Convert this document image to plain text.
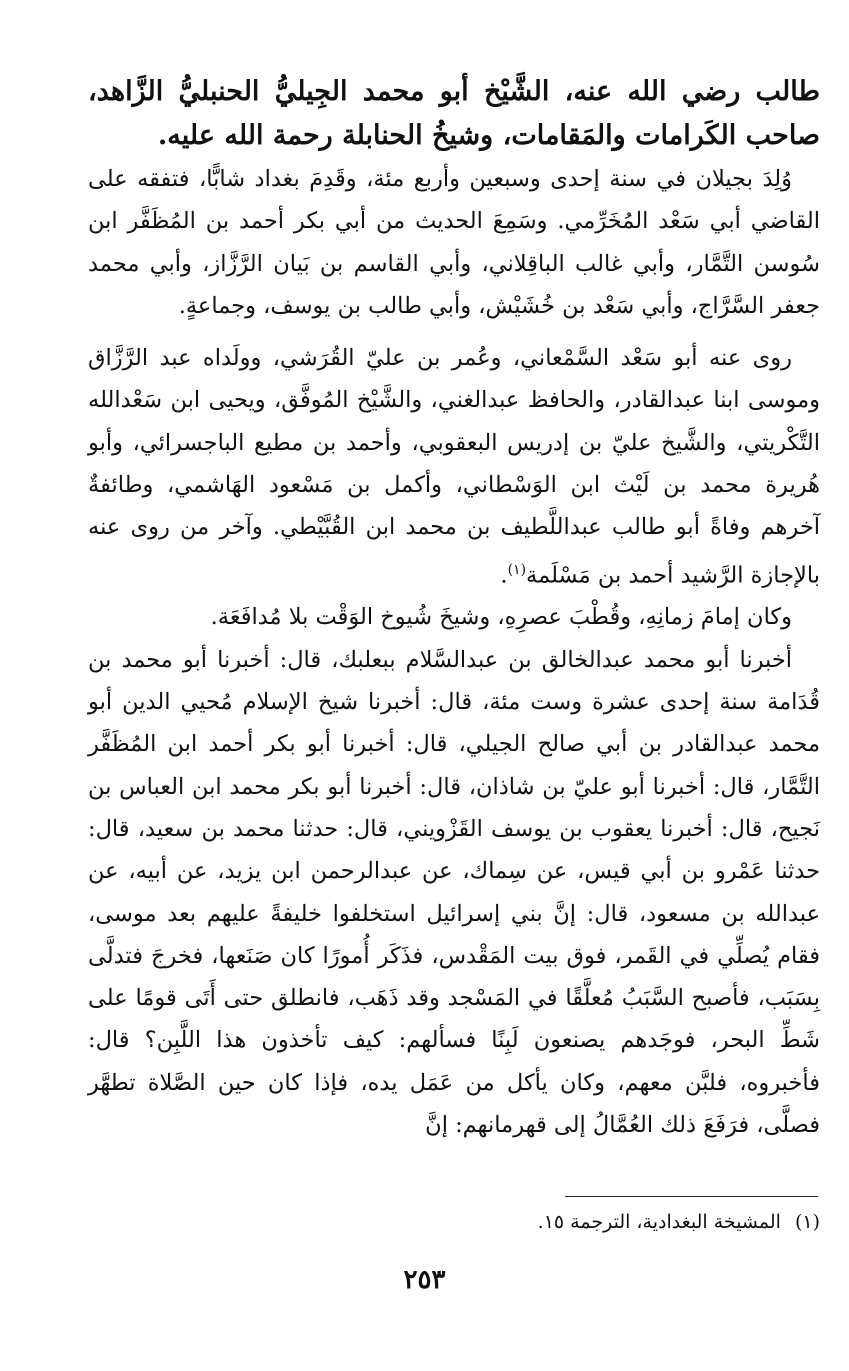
طالب رضي الله عنه، الشَّيْخ أبو محمد الجِيليُّ الحنبليُّ الزَّاهد، صاحب الكَرامات والمَقامات، وشيخُ الحنابلة رحمة الله عليه.

وُلِدَ بجيلان في سنة إحدى وسبعين وأربع مئة، وقَدِمَ بغداد شابًّا، فتفقه على القاضي أبي سَعْد المُخَرِّمي. وسَمِعَ الحديث من أبي بكر أحمد بن المُظَفَّر ابن سُوسن التَّمَّار، وأبي غالب الباقِلاني، وأبي القاسم بن بَيان الرَّزَّاز، وأبي محمد جعفر السَّرَّاج، وأبي سَعْد بن خُشَيْش، وأبي طالب بن يوسف، وجماعةٍ.

روى عنه أبو سَعْد السَّمْعاني، وعُمر بن عليّ القُرَشي، وولَداه عبد الرَّزَّاق وموسى ابنا عبدالقادر، والحافظ عبدالغني، والشَّيْخ المُوفَّق، ويحيى ابن سَعْدالله التَّكْريتي، والشَّيخ عليّ بن إدريس البعقوبي، وأحمد بن مطيع الباجسرائي، وأبو هُريرة محمد بن لَيْث ابن الوَسْطاني، وأكمل بن مَسْعود الهَاشمي، وطائفةٌ آخرهم وفاةً أبو طالب عبداللَّطيف بن محمد ابن القُبَّيْطي. وآخر من روى عنه بالإجازة الرَّشيد أحمد بن مَسْلَمة$^{(١)}$.

وكان إمامَ زمانِهِ، وقُطْبَ عصرِهِ، وشيخَ شُيوخ الوَقْت بلا مُدافَعَة.

أخبرنا أبو محمد عبدالخالق بن عبدالسَّلام ببعلبك، قال: أخبرنا أبو محمد بن قُدَامة سنة إحدى عشرة وست مئة، قال: أخبرنا شيخ الإسلام مُحيي الدين أبو محمد عبدالقادر بن أبي صالح الجيلي، قال: أخبرنا أبو بكر أحمد ابن المُظَفَّر التَّمَّار، قال: أخبرنا أبو عليّ بن شاذان، قال: أخبرنا أبو بكر محمد ابن العباس بن نَجيح، قال: أخبرنا يعقوب بن يوسف القَزْويني، قال: حدثنا محمد بن سعيد، قال: حدثنا عَمْرو بن أبي قيس، عن سِماك، عن عبدالرحمن ابن يزيد، عن أبيه، عن عبدالله بن مسعود، قال: إنَّ بني إسرائيل استخلفوا خليفةً عليهم بعد موسى، فقام يُصلِّي في القَمر، فوق بيت المَقْدس، فذَكَر أُمورًا كان صَنَعها، فخرجَ فتدلَّى بِسَبَب، فأصبح السَّبَبُ مُعلَّقًا في المَسْجد وقد ذَهَب، فانطلق حتى أَتَى قومًا على شَطِّ البحر، فوجَدهم يصنعون لَبِنًا فسألهم: كيف تأخذون هذا اللَّبِن؟ قال: فأخبروه، فلبَّن معهم، وكان يأكل من عَمَل يده، فإذا كان حين الصَّلاة تطهَّر فصلَّى، فرَفَعَ ذلك العُمَّالُ إلى قهرمانهم: إنَّ

(١)المشيخة البغدادية، الترجمة ١٥.
٢٥٣
